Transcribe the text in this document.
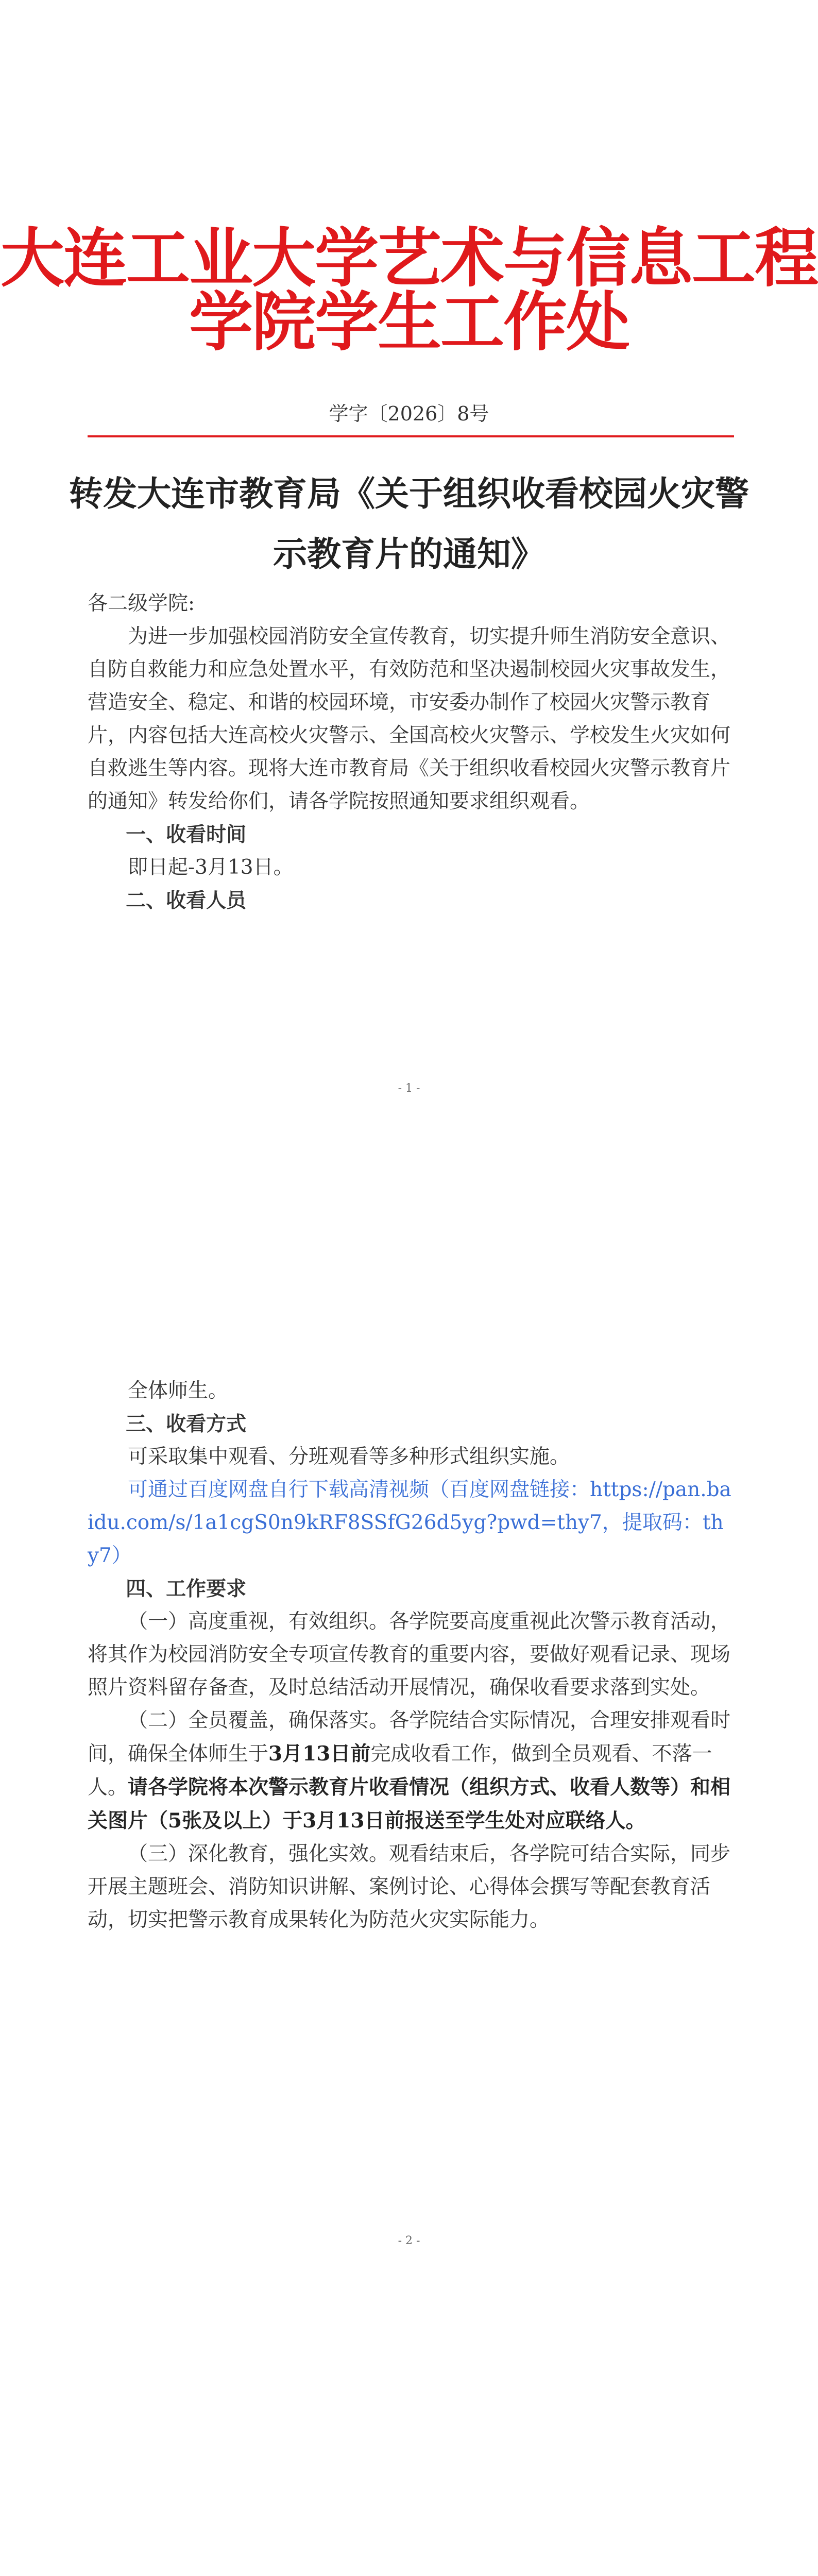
大连工业大学艺术与信息工程学院学生工作处
学字〔2026〕8号
转发大连市教育局《关于组织收看校园火灾警
示教育片的通知》

各二级学院:

为进一步加强校园消防安全宣传教育，切实提升师生消防安全意识、自防自救能力和应急处置水平，有效防范和坚决遏制校园火灾事故发生，营造安全、稳定、和谐的校园环境，市安委办制作了校园火灾警示教育片，内容包括大连高校火灾警示、全国高校火灾警示、学校发生火灾如何自救逃生等内容。现将大连市教育局《关于组织收看校园火灾警示教育片的通知》转发给你们，请各学院按照通知要求组织观看。

一、收看时间

即日起-3月13日。

二、收看人员

- 1 -

全体师生。

三、收看方式

可采取集中观看、分班观看等多种形式组织实施。

可通过百度网盘自行下载高清视频（百度网盘链接：https://pan.baidu.com/s/1a1cgS0n9kRF8SSfG26d5yg?pwd=thy7，提取码：thy7）

四、工作要求

（一）高度重视，有效组织。各学院要高度重视此次警示教育活动，将其作为校园消防安全专项宣传教育的重要内容，要做好观看记录、现场照片资料留存备查，及时总结活动开展情况，确保收看要求落到实处。

（二）全员覆盖，确保落实。各学院结合实际情况，合理安排观看时间，确保全体师生于3月13日前完成收看工作，做到全员观看、不落一人。请各学院将本次警示教育片收看情况（组织方式、收看人数等）和相关图片（5张及以上）于3月13日前报送至学生处对应联络人。

（三）深化教育，强化实效。观看结束后，各学院可结合实际，同步开展主题班会、消防知识讲解、案例讨论、心得体会撰写等配套教育活动，切实把警示教育成果转化为防范火灾实际能力。

- 2 -
